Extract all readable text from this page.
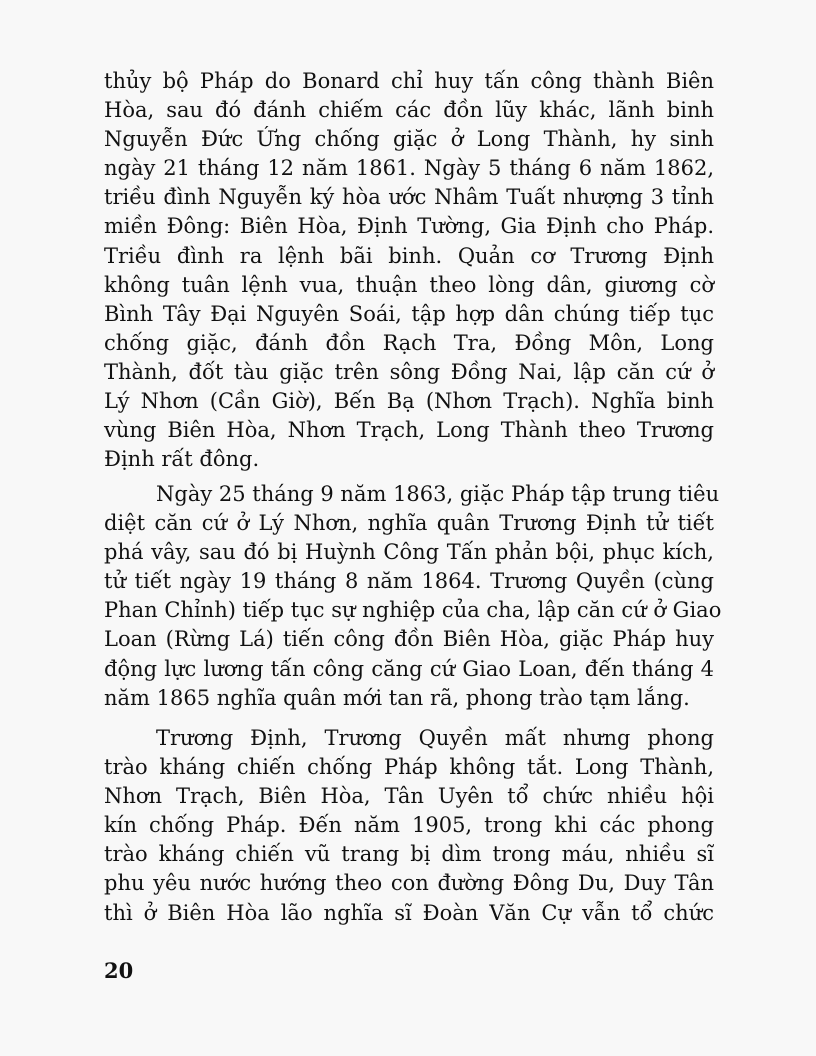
thủy bộ Pháp do Bonard chỉ huy tấn công thành Biên
Hòa, sau đó đánh chiếm các đồn lũy khác, lãnh binh
Nguyễn Đức Ứng chống giặc ở Long Thành, hy sinh
ngày 21 tháng 12 năm 1861. Ngày 5 tháng 6 năm 1862,
triều đình Nguyễn ký hòa ước Nhâm Tuất nhượng 3 tỉnh
miền Đông: Biên Hòa, Định Tường, Gia Định cho Pháp.
Triều đình ra lệnh bãi binh. Quản cơ Trương Định
không tuân lệnh vua, thuận theo lòng dân, giương cờ
Bình Tây Đại Nguyên Soái, tập hợp dân chúng tiếp tục
chống giặc, đánh đồn Rạch Tra, Đồng Môn, Long
Thành, đốt tàu giặc trên sông Đồng Nai, lập căn cứ ở
Lý Nhơn (Cần Giờ), Bến Bạ (Nhơn Trạch). Nghĩa binh
vùng Biên Hòa, Nhơn Trạch, Long Thành theo Trương
Định rất đông.
Ngày 25 tháng 9 năm 1863, giặc Pháp tập trung tiêu
diệt căn cứ ở Lý Nhơn, nghĩa quân Trương Định tử tiết
phá vây, sau đó bị Huỳnh Công Tấn phản bội, phục kích,
tử tiết ngày 19 tháng 8 năm 1864. Trương Quyền (cùng
Phan Chỉnh) tiếp tục sự nghiệp của cha, lập căn cứ ở Giao
Loan (Rừng Lá) tiến công đồn Biên Hòa, giặc Pháp huy
động lực lương tấn công căng cứ Giao Loan, đến tháng 4
năm 1865 nghĩa quân mới tan rã, phong trào tạm lắng.
Trương Định, Trương Quyền mất nhưng phong
trào kháng chiến chống Pháp không tắt. Long Thành,
Nhơn Trạch, Biên Hòa, Tân Uyên tổ chức nhiều hội
kín chống Pháp. Đến năm 1905, trong khi các phong
trào kháng chiến vũ trang bị dìm trong máu, nhiều sĩ
phu yêu nước hướng theo con đường Đông Du, Duy Tân
thì ở Biên Hòa lão nghĩa sĩ Đoàn Văn Cự vẫn tổ chức
20
